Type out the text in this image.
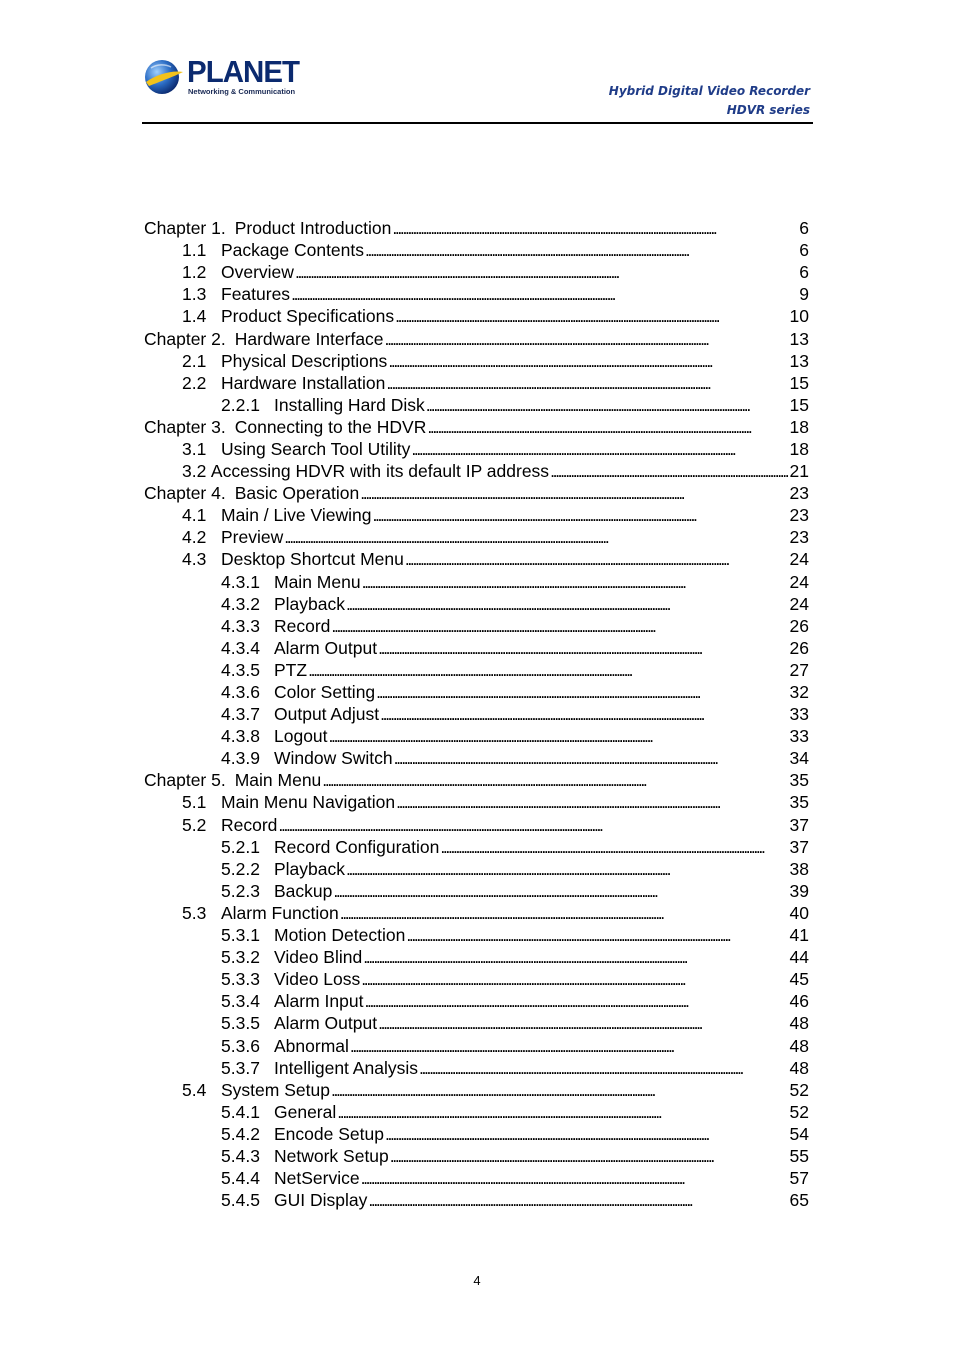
PLANET
Networking & Communication	Hybrid Digital Video Recorder
HDVR series
Chapter 1. Product Introduction . . .	6
1.1 Package Contents . . .	6
1.2 Overview . . .	6
1.3 Features . . .	9
1.4 Product Specifications . . .	10
Chapter 2. Hardware Interface . . .	13
2.1 Physical Descriptions . . .	13
2.2 Hardware Installation . . .	15
2.2.1 Installing Hard Disk . . .	15
Chapter 3. Connecting to the HDVR . . .	18
3.1 Using Search Tool Utility . . .	18
3.2 Accessing HDVR with its default IP address . . .	21
Chapter 4. Basic Operation . . .	23
4.1 Main / Live Viewing . . .	23
4.2 Preview . . .	23
4.3 Desktop Shortcut Menu . . .	24
4.3.1 Main Menu . . .	24
4.3.2 Playback . . .	24
4.3.3 Record . . .	26
4.3.4 Alarm Output . . .	26
4.3.5 PTZ . . .	27
4.3.6 Color Setting . . .	32
4.3.7 Output Adjust . . .	33
4.3.8 Logout . . .	33
4.3.9 Window Switch . . .	34
Chapter 5. Main Menu . . .	35
5.1 Main Menu Navigation . . .	35
5.2 Record . . .	37
5.2.1 Record Configuration . . .	37
5.2.2 Playback . . .	38
5.2.3 Backup . . .	39
5.3 Alarm Function . . .	40
5.3.1 Motion Detection . . .	41
5.3.2 Video Blind . . .	44
5.3.3 Video Loss . . .	45
5.3.4 Alarm Input . . .	46
5.3.5 Alarm Output . . .	48
5.3.6 Abnormal . . .	48
5.3.7 Intelligent Analysis . . .	48
5.4 System Setup . . .	52
5.4.1 General . . .	52
5.4.2 Encode Setup . . .	54
5.4.3 Network Setup . . .	55
5.4.4 NetService . . .	57
5.4.5 GUI Display . . .	65
4
